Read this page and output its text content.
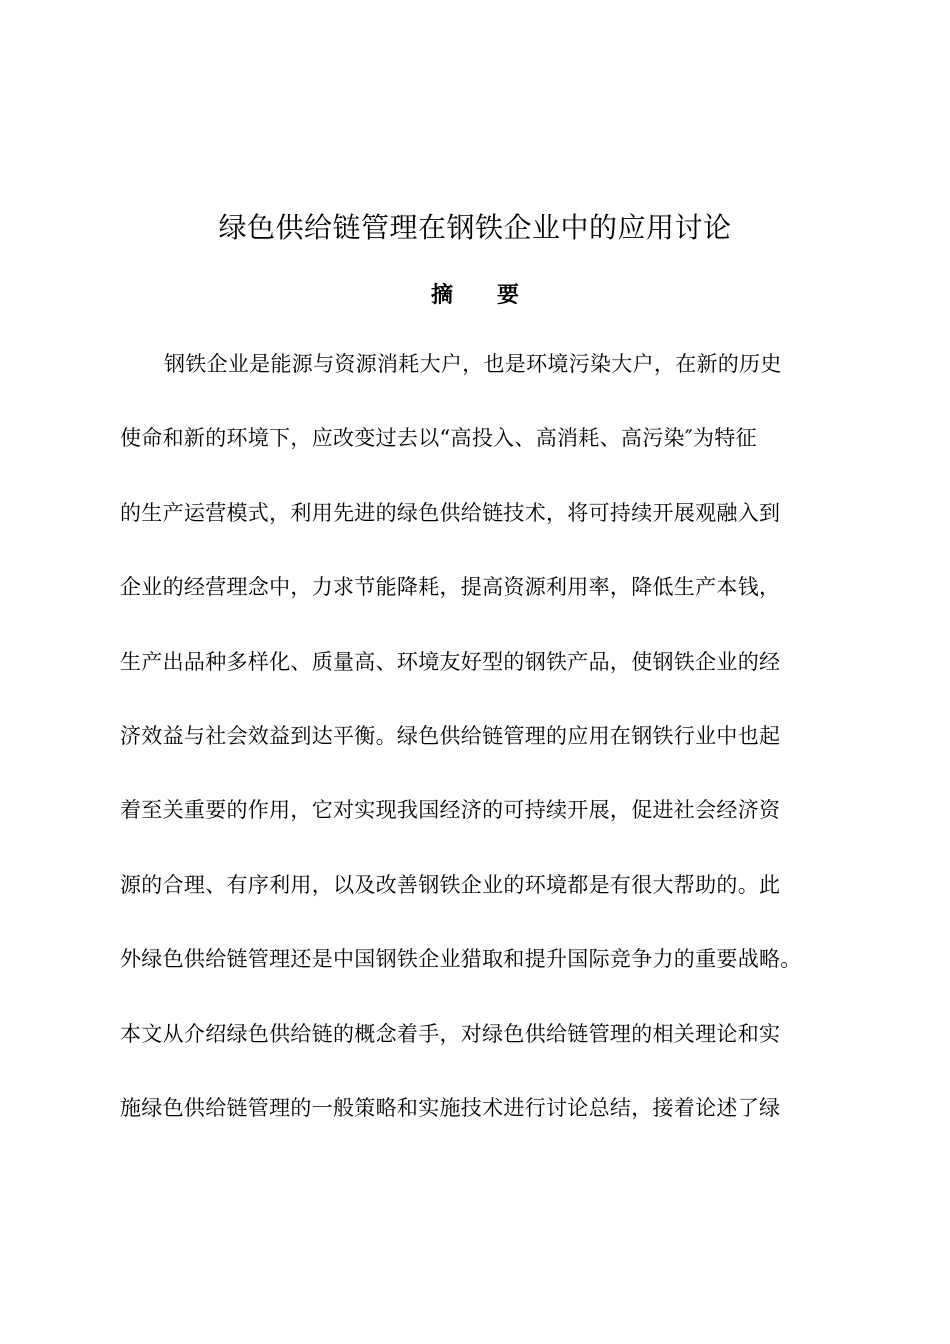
绿色供给链管理在钢铁企业中的应用讨论
摘 要
钢铁企业是能源与资源消耗大户，也是环境污染大户，在新的历史
使命和新的环境下，应改变过去以“高投入、高消耗、高污染″为特征
的生产运营模式，利用先进的绿色供给链技术，将可持续开展观融入到
企业的经营理念中，力求节能降耗，提高资源利用率，降低生产本钱，
生产出品种多样化、质量高、环境友好型的钢铁产品，使钢铁企业的经
济效益与社会效益到达平衡。绿色供给链管理的应用在钢铁行业中也起
着至关重要的作用，它对实现我国经济的可持续开展，促进社会经济资
源的合理、有序利用，以及改善钢铁企业的环境都是有很大帮助的。此
外绿色供给链管理还是中国钢铁企业猎取和提升国际竞争力的重要战略。
本文从介绍绿色供给链的概念着手，对绿色供给链管理的相关理论和实
施绿色供给链管理的一般策略和实施技术进行讨论总结，接着论述了绿
